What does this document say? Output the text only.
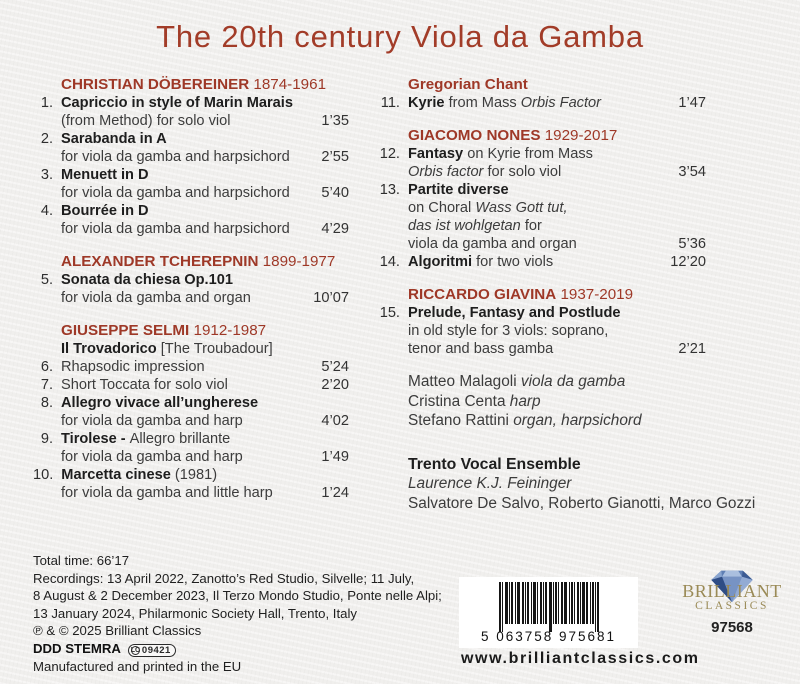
The 20th century Viola da Gamba
CHRISTIAN DÖBEREINER 1874-1961
1. Capriccio in style of Marin Marais
(from Method) for solo viol	1’35
2. Sarabanda in A
for viola da gamba and harpsichord	2’55
3. Menuett in D
for viola da gamba and harpsichord	5’40
4. Bourrée in D
for viola da gamba and harpsichord	4’29
ALEXANDER TCHEREPNIN 1899-1977
5. Sonata da chiesa Op.101
for viola da gamba and organ	10’07
GIUSEPPE SELMI 1912-1987
Il Trovadorico [The Troubadour]
6. Rhapsodic impression	5’24
7. Short Toccata for solo viol	2’20
8. Allegro vivace all’ungherese
for viola da gamba and harp	4’02
9. Tirolese - Allegro brillante
for viola da gamba and harp	1’49
10. Marcetta cinese (1981)
for viola da gamba and little harp	1’24
Gregorian Chant
11. Kyrie from Mass Orbis Factor	1’47
GIACOMO NONES 1929-2017
12. Fantasy on Kyrie from Mass
Orbis factor for solo viol	3’54
13. Partite diverse
on Choral Wass Gott tut,
das ist wohlgetan for
viola da gamba and organ	5’36
14. Algoritmi for two viols	12’20
RICCARDO GIAVINA 1937-2019
15. Prelude, Fantasy and Postlude
in old style for 3 viols: soprano,
tenor and bass gamba	2’21
Matteo Malagoli viola da gamba
Cristina Centa harp
Stefano Rattini organ, harpsichord
Trento Vocal Ensemble
Laurence K.J. Feininger
Salvatore De Salvo, Roberto Gianotti, Marco Gozzi
Total time: 66’17
Recordings: 13 April 2022, Zanotto’s Red Studio, Silvelle; 11 July,
8 August & 2 December 2023, Il Terzo Mondo Studio, Ponte nelle Alpi;
13 January 2024, Philarmonic Society Hall, Trento, Italy
℗ & © 2025 Brilliant Classics
DDD STEMRA LC 09421
Manufactured and printed in the EU
5 063758 975681
www.brilliantclassics.com
BRILLIANT
CLASSICS
97568
